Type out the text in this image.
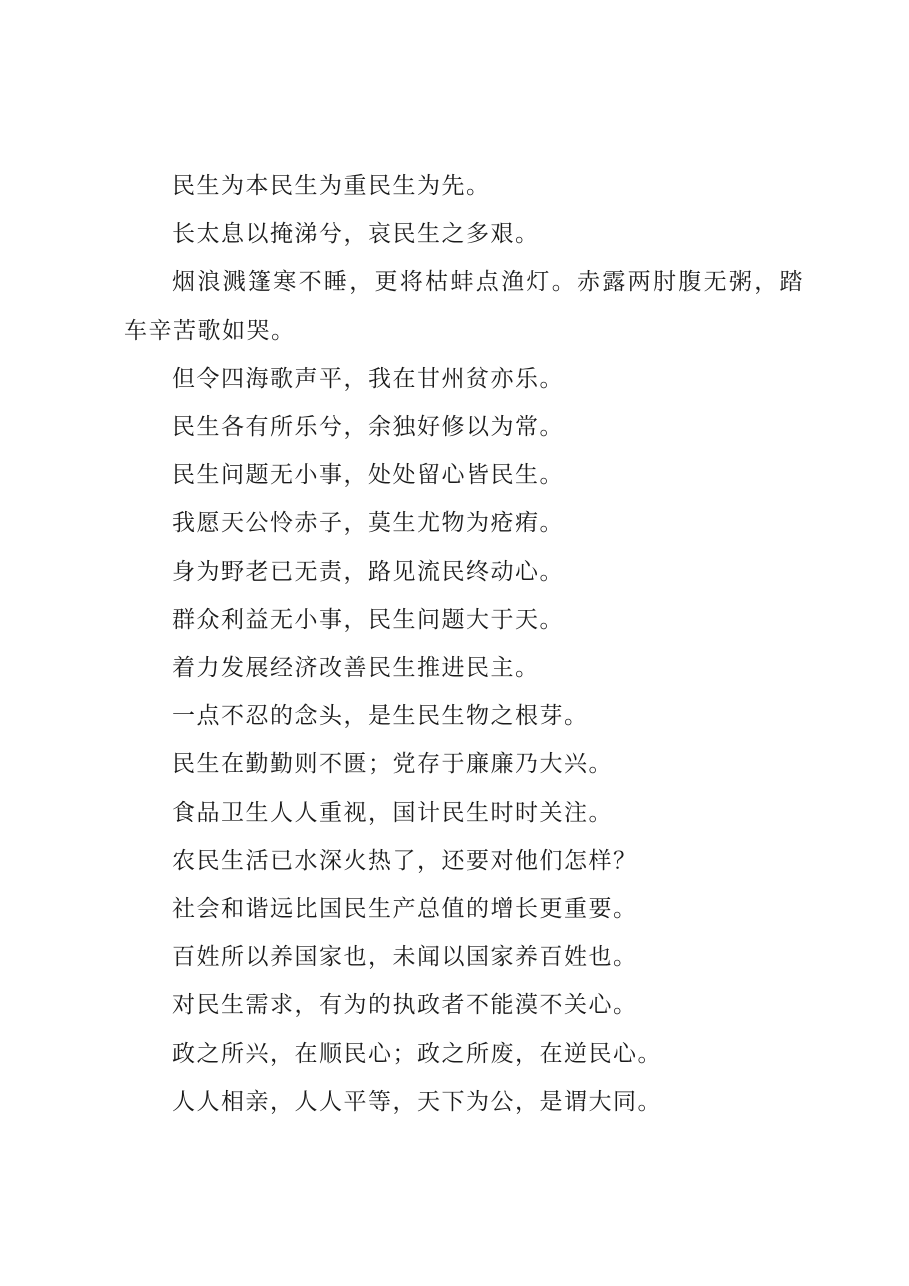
民生为本民生为重民生为先。

长太息以掩涕兮，哀民生之多艰。

烟浪溅篷寒不睡，更将枯蚌点渔灯。赤露两肘腹无粥，踏车辛苦歌如哭。

但令四海歌声平，我在甘州贫亦乐。

民生各有所乐兮，余独好修以为常。

民生问题无小事，处处留心皆民生。

我愿天公怜赤子，莫生尤物为疮痏。

身为野老已无责，路见流民终动心。

群众利益无小事，民生问题大于天。

着力发展经济改善民生推进民主。

一点不忍的念头，是生民生物之根芽。

民生在勤勤则不匮；党存于廉廉乃大兴。

食品卫生人人重视，国计民生时时关注。

农民生活已水深火热了，还要对他们怎样？

社会和谐远比国民生产总值的增长更重要。

百姓所以养国家也，未闻以国家养百姓也。

对民生需求，有为的执政者不能漠不关心。

政之所兴，在顺民心；政之所废，在逆民心。

人人相亲，人人平等，天下为公，是谓大同。
